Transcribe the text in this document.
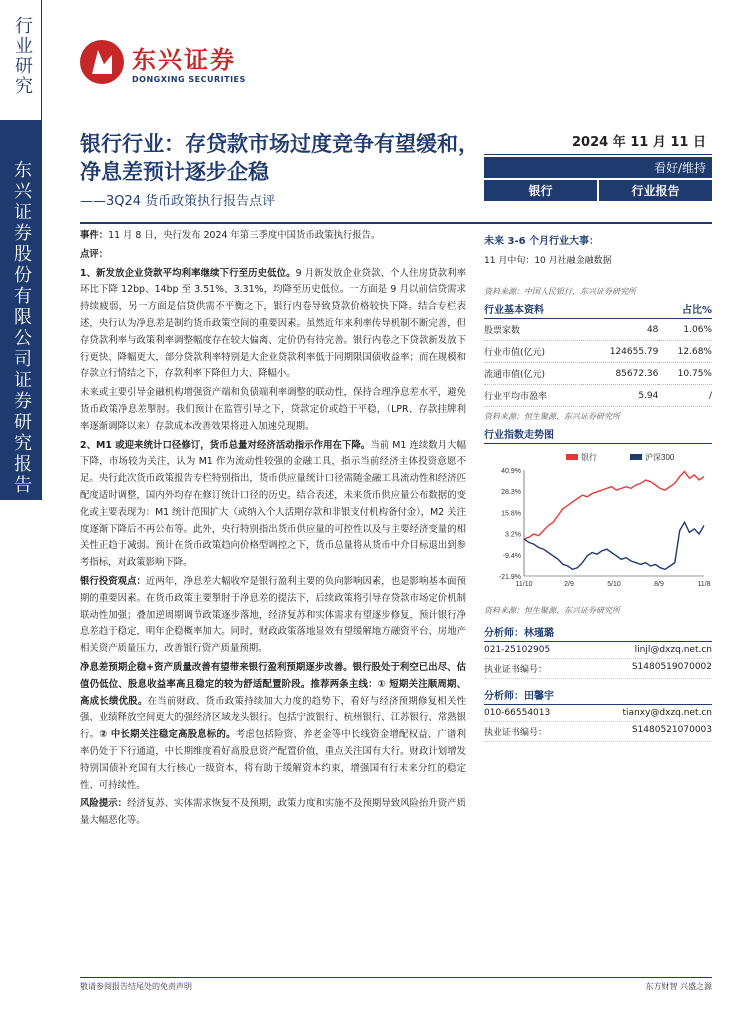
行业研究
东兴证券股份有限公司证券研究报告
东兴证券
DONGXING SECURITIES
银行行业：存贷款市场过度竞争有望缓和，净息差预计逐步企稳
——3Q24 货币政策执行报告点评
2024 年 11 月 11 日
看好/维持
银行	行业报告

事件：11 月 8 日，央行发布 2024 年第三季度中国货币政策执行报告。

点评：

1、新发放企业贷款平均利率继续下行至历史低位。9 月新发放企业贷款、个人住房贷款利率环比下降 12bp、14bp 至 3.51%、3.31%，均降至历史低位。一方面是 9 月以前信贷需求持续疲弱，另一方面是信贷供需不平衡之下，银行内卷导致贷款价格较快下降。结合专栏表述，央行认为净息差是制约货币政策空间的重要因素。虽然近年来利率传导机制不断完善，但存贷款利率与政策利率调整幅度存在较大偏离、定价仍有待完善。银行内卷之下贷款新发放下行更快、降幅更大，部分贷款利率特别是大企业贷款利率低于同期限国债收益率；而在规模和存款立行情结之下，存款利率下降但力大、降幅小。

未来或主要引导金融机构增强资产端和负债端利率调整的联动性，保持合理净息差水平，避免货币政策净息差掣肘。我们预计在监管引导之下，贷款定价或趋于平稳，（LPR、存款挂牌利率逐渐调降以来）存款成本改善效果将进入加速兑现期。

2、M1 或迎来统计口径修订，货币总量对经济活动指示作用在下降。当前 M1 连续数月大幅下降，市场较为关注，认为 M1 作为流动性较强的金融工具，指示当前经济主体投资意愿不足。央行此次货币政策报告专栏特别指出，货币供应量统计口径需随金融工具流动性和经济匹配度适时调整，国内外均存在修订统计口径的历史。结合表述，未来货币供应量公布数据的变化或主要表现为：M1 统计范围扩大（或纳入个人活期存款和非银支付机构备付金），M2 关注度逐渐下降后不再公布等。此外，央行特别指出货币供应量的可控性以及与主要经济变量的相关性正趋于减弱。预计在货币政策趋向价格型调控之下，货币总量将从货币中介目标退出到参考指标，对政策影响下降。

银行投资观点：近两年，净息差大幅收窄是银行盈利主要的负向影响因素，也是影响基本面预期的重要因素。在货币政策主要掣肘于净息差的提法下，后续政策将引导存贷款市场定价机制联动性加强；叠加逆周期调节政策逐步落地，经济复苏和实体需求有望逐步修复，预计银行净息差趋于稳定，明年企稳概率加大。同时，财政政策落地显效有望缓解地方融资平台、房地产相关资产质量压力，改善银行资产质量预期。

净息差预期企稳+资产质量改善有望带来银行盈利预期逐步改善。银行股处于利空已出尽、估值仍低位、股息收益率高且稳定的较为舒适配置阶段。推荐两条主线：① 短期关注顺周期、高成长绩优股。在当前财政、货币政策持续加大力度的趋势下，看好与经济预期修复相关性强、业绩释放空间更大的强经济区域龙头银行。包括宁波银行、杭州银行、江苏银行、常熟银行。② 中长期关注稳定高股息标的。考虑包括险资、养老金等中长线资金增配权益、广谱利率仍处于下行通道，中长期维度看好高股息资产配置价值，重点关注国有大行。财政计划增发特别国债补充国有大行核心一级资本，将有助于缓解资本约束，增强国有行未来分红的稳定性、可持续性。

风险提示：经济复苏、实体需求恢复不及预期，政策力度和实施不及预期导致风险抬升资产质量大幅恶化等。

未来 3-6 个月行业大事：
11 月中旬：10 月社融金融数据
资料来源：中国人民银行，东兴证券研究所
行业基本资料	占比%
股票家数	48	1.06%
行业市值(亿元)	124655.79	12.68%
流通市值(亿元)	85672.36	10.75%
行业平均市盈率	5.94	/
资料来源：恒生聚源、东兴证券研究所
行业指数走势图
40.9%
28.3%
15.8%
3.2%
-9.4%
-21.9%
11/10	2/9	5/10	8/9	11/8
银行	沪深300
资料来源：恒生聚源、东兴证券研究所
分析师：林瑾璐
021-25102905	linjl@dxzq.net.cn
执业证书编号：	S1480519070002
分析师：田馨宇
010-66554013	tianxy@dxzq.net.cn
执业证书编号：	S1480521070003
敬请参阅报告结尾处的免责声明	东方财智 兴盛之源
